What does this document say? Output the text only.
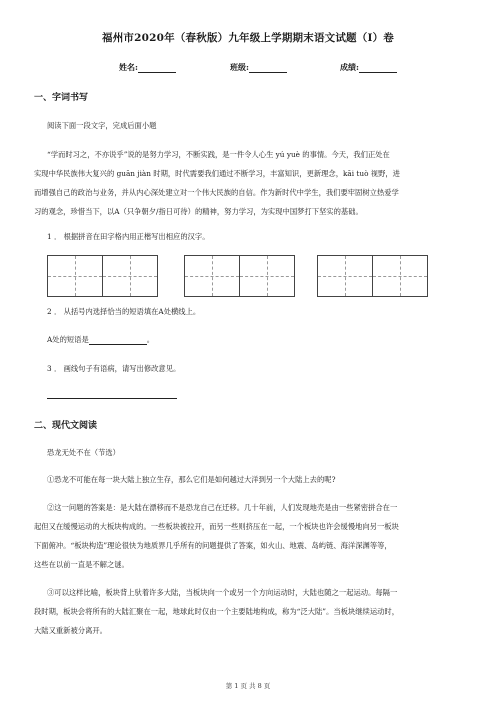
福州市2020年（春秋版）九年级上学期期末语文试题（I）卷
姓名:	班级:	成绩:
一、字词书写
阅读下面一段文字，完成后面小题
“学而时习之，不亦说乎”说的是努力学习，不断实践，是一件令人心生 yú yuè 的事情。今天，我们正处在
实现中华民族伟大复兴的 guān jiàn 时期，时代需要我们通过不断学习，丰富知识，更新理念，kāi tuò 视野，进
而增强自己的政治与业务，并从内心深处建立对一个伟大民族的自信。作为新时代中学生，我们要牢固树立热爱学
习的观念，珍惜当下，以A（只争朝夕/指日可待）的精神，努力学习，为实现中国梦打下坚实的基础。
1 ． 根据拼音在田字格内用正楷写出相应的汉字。
2 ． 从括号内选择恰当的短语填在A处横线上。
A处的短语是	。
3 ． 画线句子有语病，请写出修改意见。
二、现代文阅读
恐龙无处不在（节选）
①恐龙不可能在每一块大陆上独立生存，那么它们是如何越过大洋到另一个大陆上去的呢?
②这一问题的答案是：是大陆在漂移而不是恐龙自己在迁移。几十年前，人们发现地壳是由一些紧密拼合在一
起但又在缓慢运动的大板块构成的。一些板块被拉开，而另一些则挤压在一起，一个板块也许会缓慢地向另一板块
下面俯冲。“板块构造”理论很快为地质界几乎所有的问题提供了答案，如火山、地震、岛屿链、海洋深渊等等，
这些在以前一直是不解之谜。
③可以这样比喻，板块背上驮着许多大陆，当板块向一个或另一个方向运动时，大陆也随之一起运动。每隔一
段时期，板块会将所有的大陆汇聚在一起，地球此时仅由一个主要陆地构成，称为“泛大陆”。当板块继续运动时，
大陆又重新被分离开。
第 1 页 共 8 页
